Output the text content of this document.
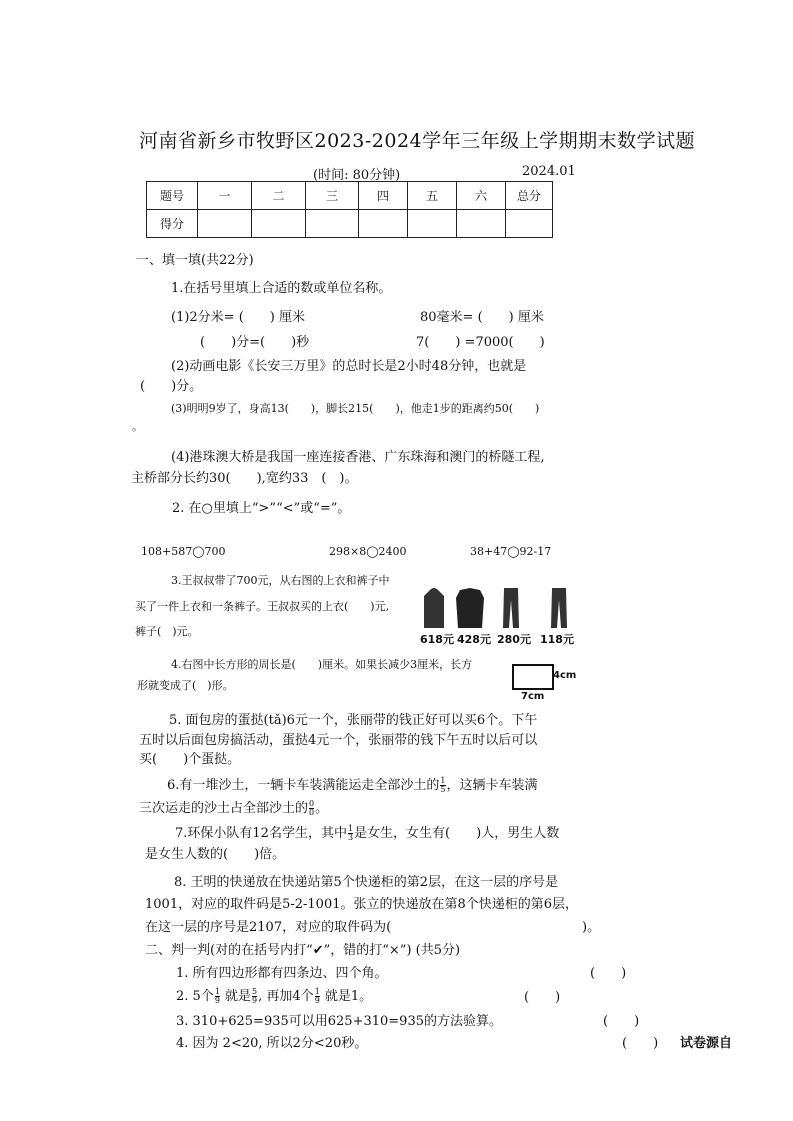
河南省新乡市牧野区2023-2024学年三年级上学期期末数学试题
(时间: 80分钟)	2024.01
题号	一	二	三	四	五	六	总分
得分							
一、填一填(共22分)
1.在括号里填上合适的数或单位名称。
(1)2分米= (　　) 厘米	80毫米= (　　) 厘米
(　　)分=(　　)秒	7(　　) =7000(　　)
(2)动画电影《长安三万里》的总时长是2小时48分钟，也就是
(　　)分。
(3)明明9岁了，身高13(　　)，脚长215(　　)，他走1步的距离约50(　　)
。
(4)港珠澳大桥是我国一座连接香港、广东珠海和澳门的桥隧工程,
主桥部分长约30(　　),宽约33　(　)。
2. 在○里填上“>”“<”或“=”。
108+587◯700	298×8◯2400	38+47◯92-17
3.王叔叔带了700元，从右图的上衣和裤子中
买了一件上衣和一条裤子。王叔叔买的上衣(　　)元,
裤子(　)元。
618元 428元 280元 118元
4.右图中长方形的周长是(　　)厘米。如果长减少3厘米，长方
形就变成了(　)形。
4cm
7cm
5. 面包房的蛋挞(tǎ)6元一个，张丽带的钱正好可以买6个。下午
五时以后面包房搞活动，蛋挞4元一个，张丽带的钱下午五时以后可以
买(　　)个蛋挞。
6.有一堆沙土，一辆卡车装满能运走全部沙土的 $\frac{1}{5}$ ，这辆卡车装满
三次运走的沙土占全部沙土的 $\frac{0}{0}$ 。
7.环保小队有12名学生，其中 $\frac{1}{3}$ 是女生，女生有(　　)人，男生人数
是女生人数的(　　)倍。
8. 王明的快递放在快递站第5个快递柜的第2层，在这一层的序号是
1001，对应的取件码是5-2-1001。张立的快递放在第8个快递柜的第6层，
在这一层的序号是2107，对应的取件码为(	)。
二、判一判(对的在括号内打“✔”，错的打“×”) (共5分)
1. 所有四边形都有四条边、四个角。	(　　)
2. 5个 $\frac{1}{9}$ 就是 $\frac{5}{9}$ , 再加4个 $\frac{1}{9}$ 就是1。	(　　)
3. 310+625=935可以用625+310=935的方法验算。	(　　)
4. 因为 2<20, 所以2分<20秒。	(　　) 试卷源自
